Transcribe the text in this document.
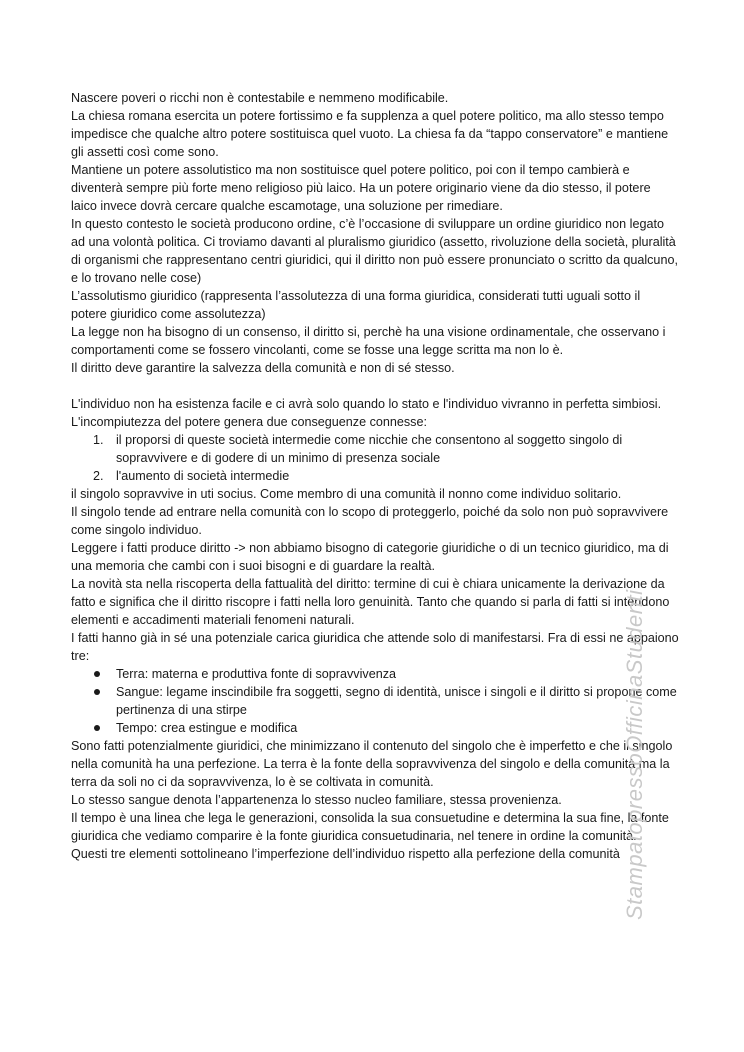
Nascere poveri o ricchi non è contestabile e nemmeno modificabile.

La chiesa romana esercita un potere fortissimo e fa supplenza a quel potere politico, ma allo stesso tempo impedisce che qualche altro potere sostituisca quel vuoto. La chiesa fa da “tappo conservatore” e mantiene gli assetti così come sono.

Mantiene un potere assolutistico ma non sostituisce quel potere politico, poi con il tempo cambierà e diventerà sempre più forte meno religioso più laico. Ha un potere originario viene da dio stesso, il potere laico invece dovrà cercare qualche escamotage, una soluzione per rimediare.

In questo contesto le società producono ordine, c’è l’occasione di sviluppare un ordine giuridico non legato ad una volontà politica. Ci troviamo davanti al pluralismo giuridico (assetto, rivoluzione della società, pluralità di organismi che rappresentano centri giuridici, qui il diritto non può essere pronunciato o scritto da qualcuno, e lo trovano nelle cose)

L’assolutismo giuridico (rappresenta l’assolutezza di una forma giuridica, considerati tutti uguali sotto il potere giuridico come assolutezza)

La legge non ha bisogno di un consenso, il diritto si, perchè ha una visione ordinamentale, che osservano i comportamenti come se fossero vincolanti, come se fosse una legge scritta ma non lo è.

Il diritto deve garantire la salvezza della comunità e non di sé stesso.

L'individuo non ha esistenza facile e ci avrà solo quando lo stato e l'individuo vivranno in perfetta simbiosi.

L'incompiutezza del potere genera due conseguenze connesse:

1. il proporsi di queste società intermedie come nicchie che consentono al soggetto singolo di sopravvivere e di godere di un minimo di presenza sociale
2. l'aumento di società intermedie

il singolo sopravvive in uti socius. Come membro di una comunità il nonno come individuo solitario.

Il singolo tende ad entrare nella comunità con lo scopo di proteggerlo, poiché da solo non può sopravvivere come singolo individuo.

Leggere i fatti produce diritto -> non abbiamo bisogno di categorie giuridiche o di un tecnico giuridico, ma di una memoria che cambi con i suoi bisogni e di guardare la realtà.

La novità sta nella riscoperta della fattualità del diritto: termine di cui è chiara unicamente la derivazione da fatto e significa che il diritto riscopre i fatti nella loro genuinità. Tanto che quando si parla di fatti si intendono elementi e accadimenti materiali fenomeni naturali.

I fatti hanno già in sé una potenziale carica giuridica che attende solo di manifestarsi. Fra di essi ne appaiono tre:

Terra: materna e produttiva fonte di sopravvivenza
Sangue: legame inscindibile fra soggetti, segno di identità, unisce i singoli e il diritto si propone come pertinenza di una stirpe
Tempo: crea estingue e modifica

Sono fatti potenzialmente giuridici, che minimizzano il contenuto del singolo che è imperfetto e che il singolo nella comunità ha una perfezione. La terra è la fonte della sopravvivenza del singolo e della comunità ma la terra da soli no ci da sopravvivenza, lo è se coltivata in comunità.

Lo stesso sangue denota l’appartenenza lo stesso nucleo familiare, stessa provenienza.

Il tempo è una linea che lega le generazioni, consolida la sua consuetudine e determina la sua fine, la fonte giuridica che vediamo comparire è la fonte giuridica consuetudinaria, nel tenere in ordine la comunità.

Questi tre elementi sottolineano l’imperfezione dell’individuo rispetto alla perfezione della comunità StampatopressoOfficinaStudenti
